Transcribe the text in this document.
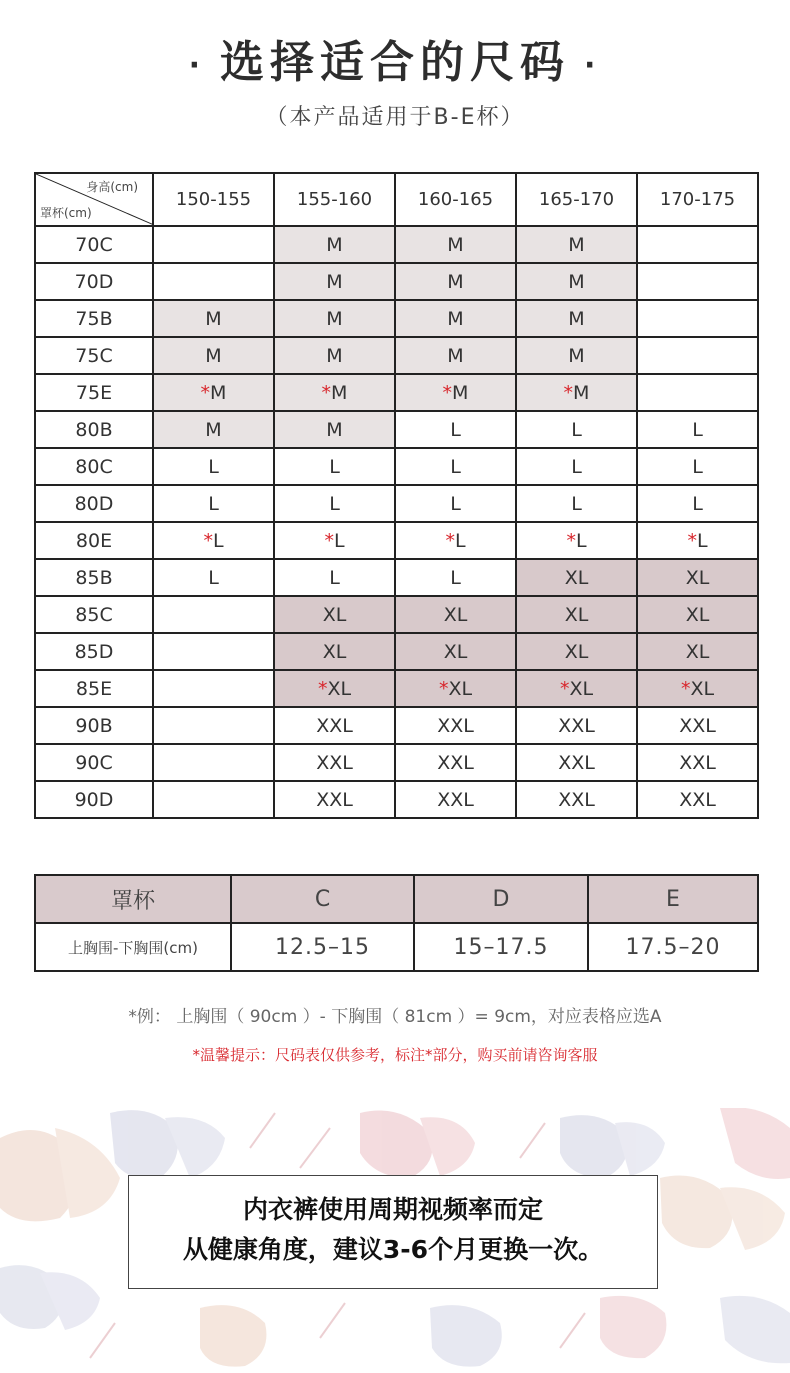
· 选择适合的尺码 ·
（本产品适用于B-E杯）
身高(cm)
罩杯(cm)	150-155	155-160	160-165	165-170	170-175
70C		M	M	M	
70D		M	M	M	
75B	M	M	M	M	
75C	M	M	M	M	
75E	*M	*M	*M	*M	
80B	M	M	L	L	L
80C	L	L	L	L	L
80D	L	L	L	L	L
80E	*L	*L	*L	*L	*L
85B	L	L	L	XL	XL
85C		XL	XL	XL	XL
85D		XL	XL	XL	XL
85E		*XL	*XL	*XL	*XL
90B		XXL	XXL	XXL	XXL
90C		XXL	XXL	XXL	XXL
90D		XXL	XXL	XXL	XXL
罩杯	C	D	E
上胸围-下胸围(cm)	12.5–15	15–17.5	17.5–20
*例： 上胸围（ 90cm ）- 下胸围（ 81cm ）= 9cm，对应表格应选A
*温馨提示：尺码表仅供参考，标注*部分，购买前请咨询客服
内衣裤使用周期视频率而定
从健康角度，建议3-6个月更换一次。
